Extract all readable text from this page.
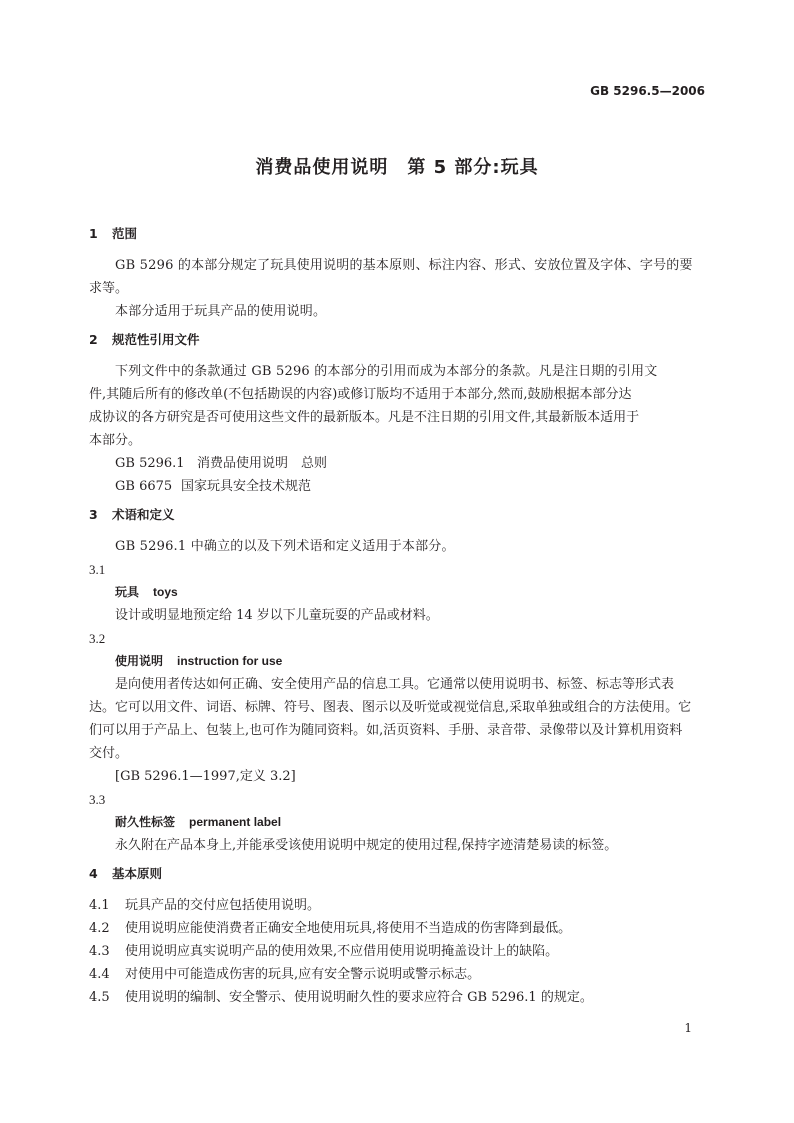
GB 5296.5—2006
消费品使用说明　第 5 部分:玩具
1 范围
GB 5296 的本部分规定了玩具使用说明的基本原则、标注内容、形式、安放位置及字体、字号的要
求等。
本部分适用于玩具产品的使用说明。
2 规范性引用文件
下列文件中的条款通过 GB 5296 的本部分的引用而成为本部分的条款。凡是注日期的引用文
件,其随后所有的修改单(不包括勘误的内容)或修订版均不适用于本部分,然而,鼓励根据本部分达
成协议的各方研究是否可使用这些文件的最新版本。凡是不注日期的引用文件,其最新版本适用于
本部分。
GB 5296.1 消费品使用说明　总则
GB 6675 国家玩具安全技术规范
3 术语和定义
GB 5296.1 中确立的以及下列术语和定义适用于本部分。
3.1
玩具 toys
设计或明显地预定给 14 岁以下儿童玩耍的产品或材料。
3.2
使用说明 instruction for use
是向使用者传达如何正确、安全使用产品的信息工具。它通常以使用说明书、标签、标志等形式表
达。它可以用文件、词语、标牌、符号、图表、图示以及听觉或视觉信息,采取单独或组合的方法使用。它
们可以用于产品上、包装上,也可作为随同资料。如,活页资料、手册、录音带、录像带以及计算机用资料
交付。
[GB 5296.1—1997,定义 3.2]
3.3
耐久性标签 permanent label
永久附在产品本身上,并能承受该使用说明中规定的使用过程,保持字迹清楚易读的标签。
4 基本原则
4.1 玩具产品的交付应包括使用说明。
4.2 使用说明应能使消费者正确安全地使用玩具,将使用不当造成的伤害降到最低。
4.3 使用说明应真实说明产品的使用效果,不应借用使用说明掩盖设计上的缺陷。
4.4 对使用中可能造成伤害的玩具,应有安全警示说明或警示标志。
4.5 使用说明的编制、安全警示、使用说明耐久性的要求应符合 GB 5296.1 的规定。
1
